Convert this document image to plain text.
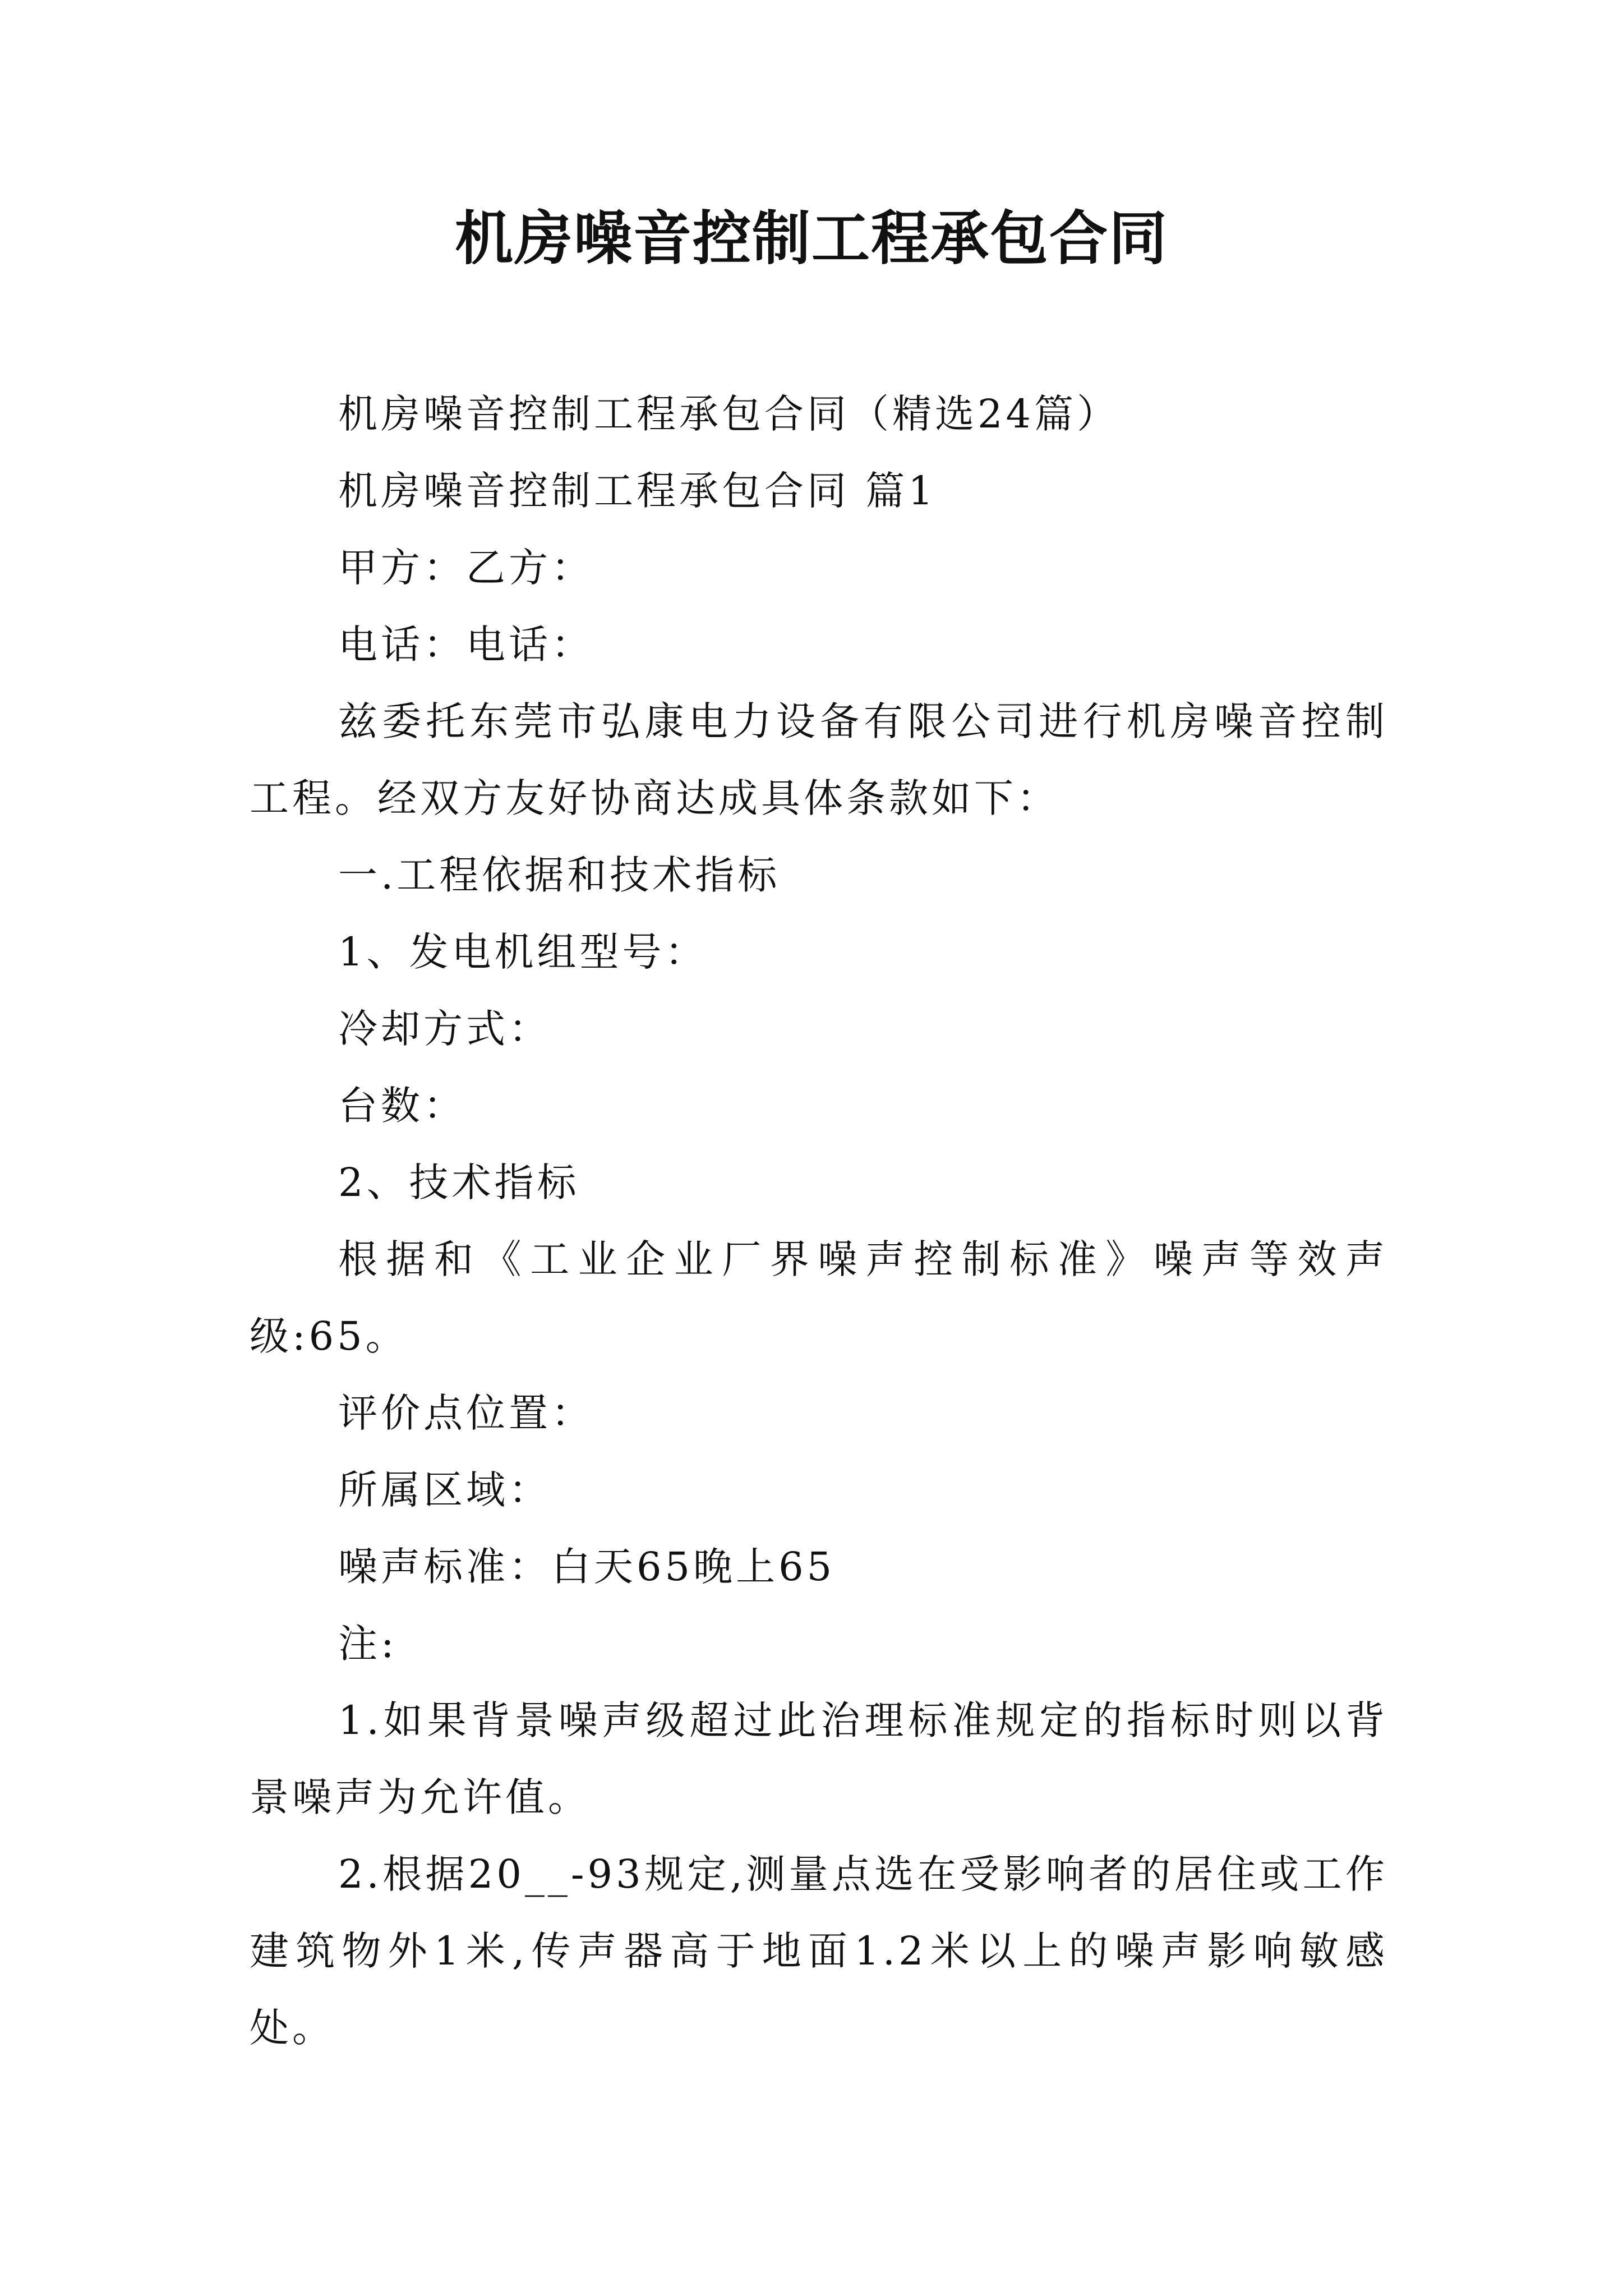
机房噪音控制工程承包合同

机房噪音控制工程承包合同（精选24篇）

机房噪音控制工程承包合同 篇1

甲方：乙方：

电话：电话：

兹委托东莞市弘康电力设备有限公司进行机房噪音控制工程。经双方友好协商达成具体条款如下：

一.工程依据和技术指标

1、发电机组型号：

冷却方式：

台数：

2、技术指标

根据和《工业企业厂界噪声控制标准》噪声等效声级:65。

评价点位置：

所属区域：

噪声标准：白天65晚上65

注:

1.如果背景噪声级超过此治理标准规定的指标时则以背景噪声为允许值。

2.根据20__-93规定,测量点选在受影响者的居住或工作建筑物外1米,传声器高于地面1.2米以上的噪声影响敏感处。
